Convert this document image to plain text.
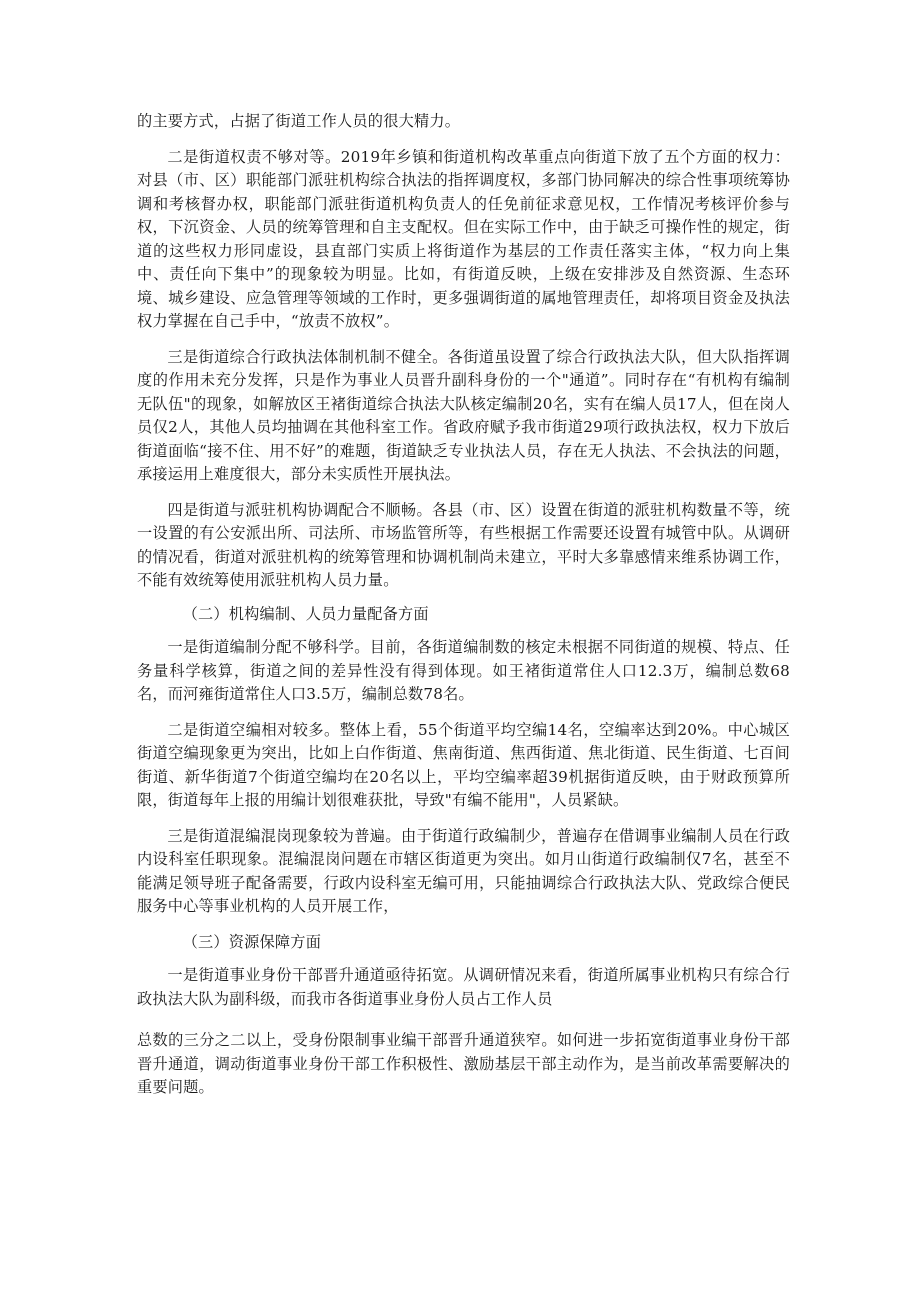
的主要方式，占据了街道工作人员的很大精力。

二是街道权责不够对等。2019年乡镇和街道机构改革重点向街道下放了五个方面的权力：对县（市、区）职能部门派驻机构综合执法的指挥调度权，多部门协同解决的综合性事项统筹协调和考核督办权，职能部门派驻街道机构负责人的任免前征求意见权，工作情况考核评价参与权，下沉资金、人员的统筹管理和自主支配权。但在实际工作中，由于缺乏可操作性的规定，街道的这些权力形同虚设，县直部门实质上将街道作为基层的工作责任落实主体，“权力向上集中、责任向下集中”的现象较为明显。比如，有街道反映，上级在安排涉及自然资源、生态环境、城乡建设、应急管理等领域的工作时，更多强调街道的属地管理责任，却将项目资金及执法权力掌握在自己手中，“放责不放权”。

三是街道综合行政执法体制机制不健全。各街道虽设置了综合行政执法大队，但大队指挥调度的作用未充分发挥，只是作为事业人员晋升副科身份的一个"通道”。同时存在“有机构有编制无队伍"的现象，如解放区王褚街道综合执法大队核定编制20名，实有在编人员17人，但在岗人员仅2人，其他人员均抽调在其他科室工作。省政府赋予我市街道29项行政执法权，权力下放后街道面临“接不住、用不好”的难题，街道缺乏专业执法人员，存在无人执法、不会执法的问题，承接运用上难度很大，部分未实质性开展执法。

四是街道与派驻机构协调配合不顺畅。各县（市、区）设置在街道的派驻机构数量不等，统一设置的有公安派出所、司法所、市场监管所等，有些根据工作需要还设置有城管中队。从调研的情况看，街道对派驻机构的统筹管理和协调机制尚未建立，平时大多靠感情来维系协调工作，不能有效统筹使用派驻机构人员力量。

（二）机构编制、人员力量配备方面

一是街道编制分配不够科学。目前，各街道编制数的核定未根据不同街道的规模、特点、任务量科学核算，街道之间的差异性没有得到体现。如王褚街道常住人口12.3万，编制总数68名，而河雍街道常住人口3.5万，编制总数78名。

二是街道空编相对较多。整体上看，55个街道平均空编14名，空编率达到20%。中心城区街道空编现象更为突出，比如上白作街道、焦南街道、焦西街道、焦北街道、民生街道、七百间街道、新华街道7个街道空编均在20名以上，平均空编率超39机据街道反映，由于财政预算所限，街道每年上报的用编计划很难获批，导致"有编不能用"，人员紧缺。

三是街道混编混岗现象较为普遍。由于街道行政编制少，普遍存在借调事业编制人员在行政内设科室任职现象。混编混岗问题在市辖区街道更为突出。如月山街道行政编制仅7名，甚至不能满足领导班子配备需要，行政内设科室无编可用，只能抽调综合行政执法大队、党政综合便民服务中心等事业机构的人员开展工作，

（三）资源保障方面

一是街道事业身份干部晋升通道亟待拓宽。从调研情况来看，街道所属事业机构只有综合行政执法大队为副科级，而我市各街道事业身份人员占工作人员

总数的三分之二以上，受身份限制事业编干部晋升通道狭窄。如何进一步拓宽街道事业身份干部晋升通道，调动街道事业身份干部工作积极性、激励基层干部主动作为，是当前改革需要解决的重要问题。
